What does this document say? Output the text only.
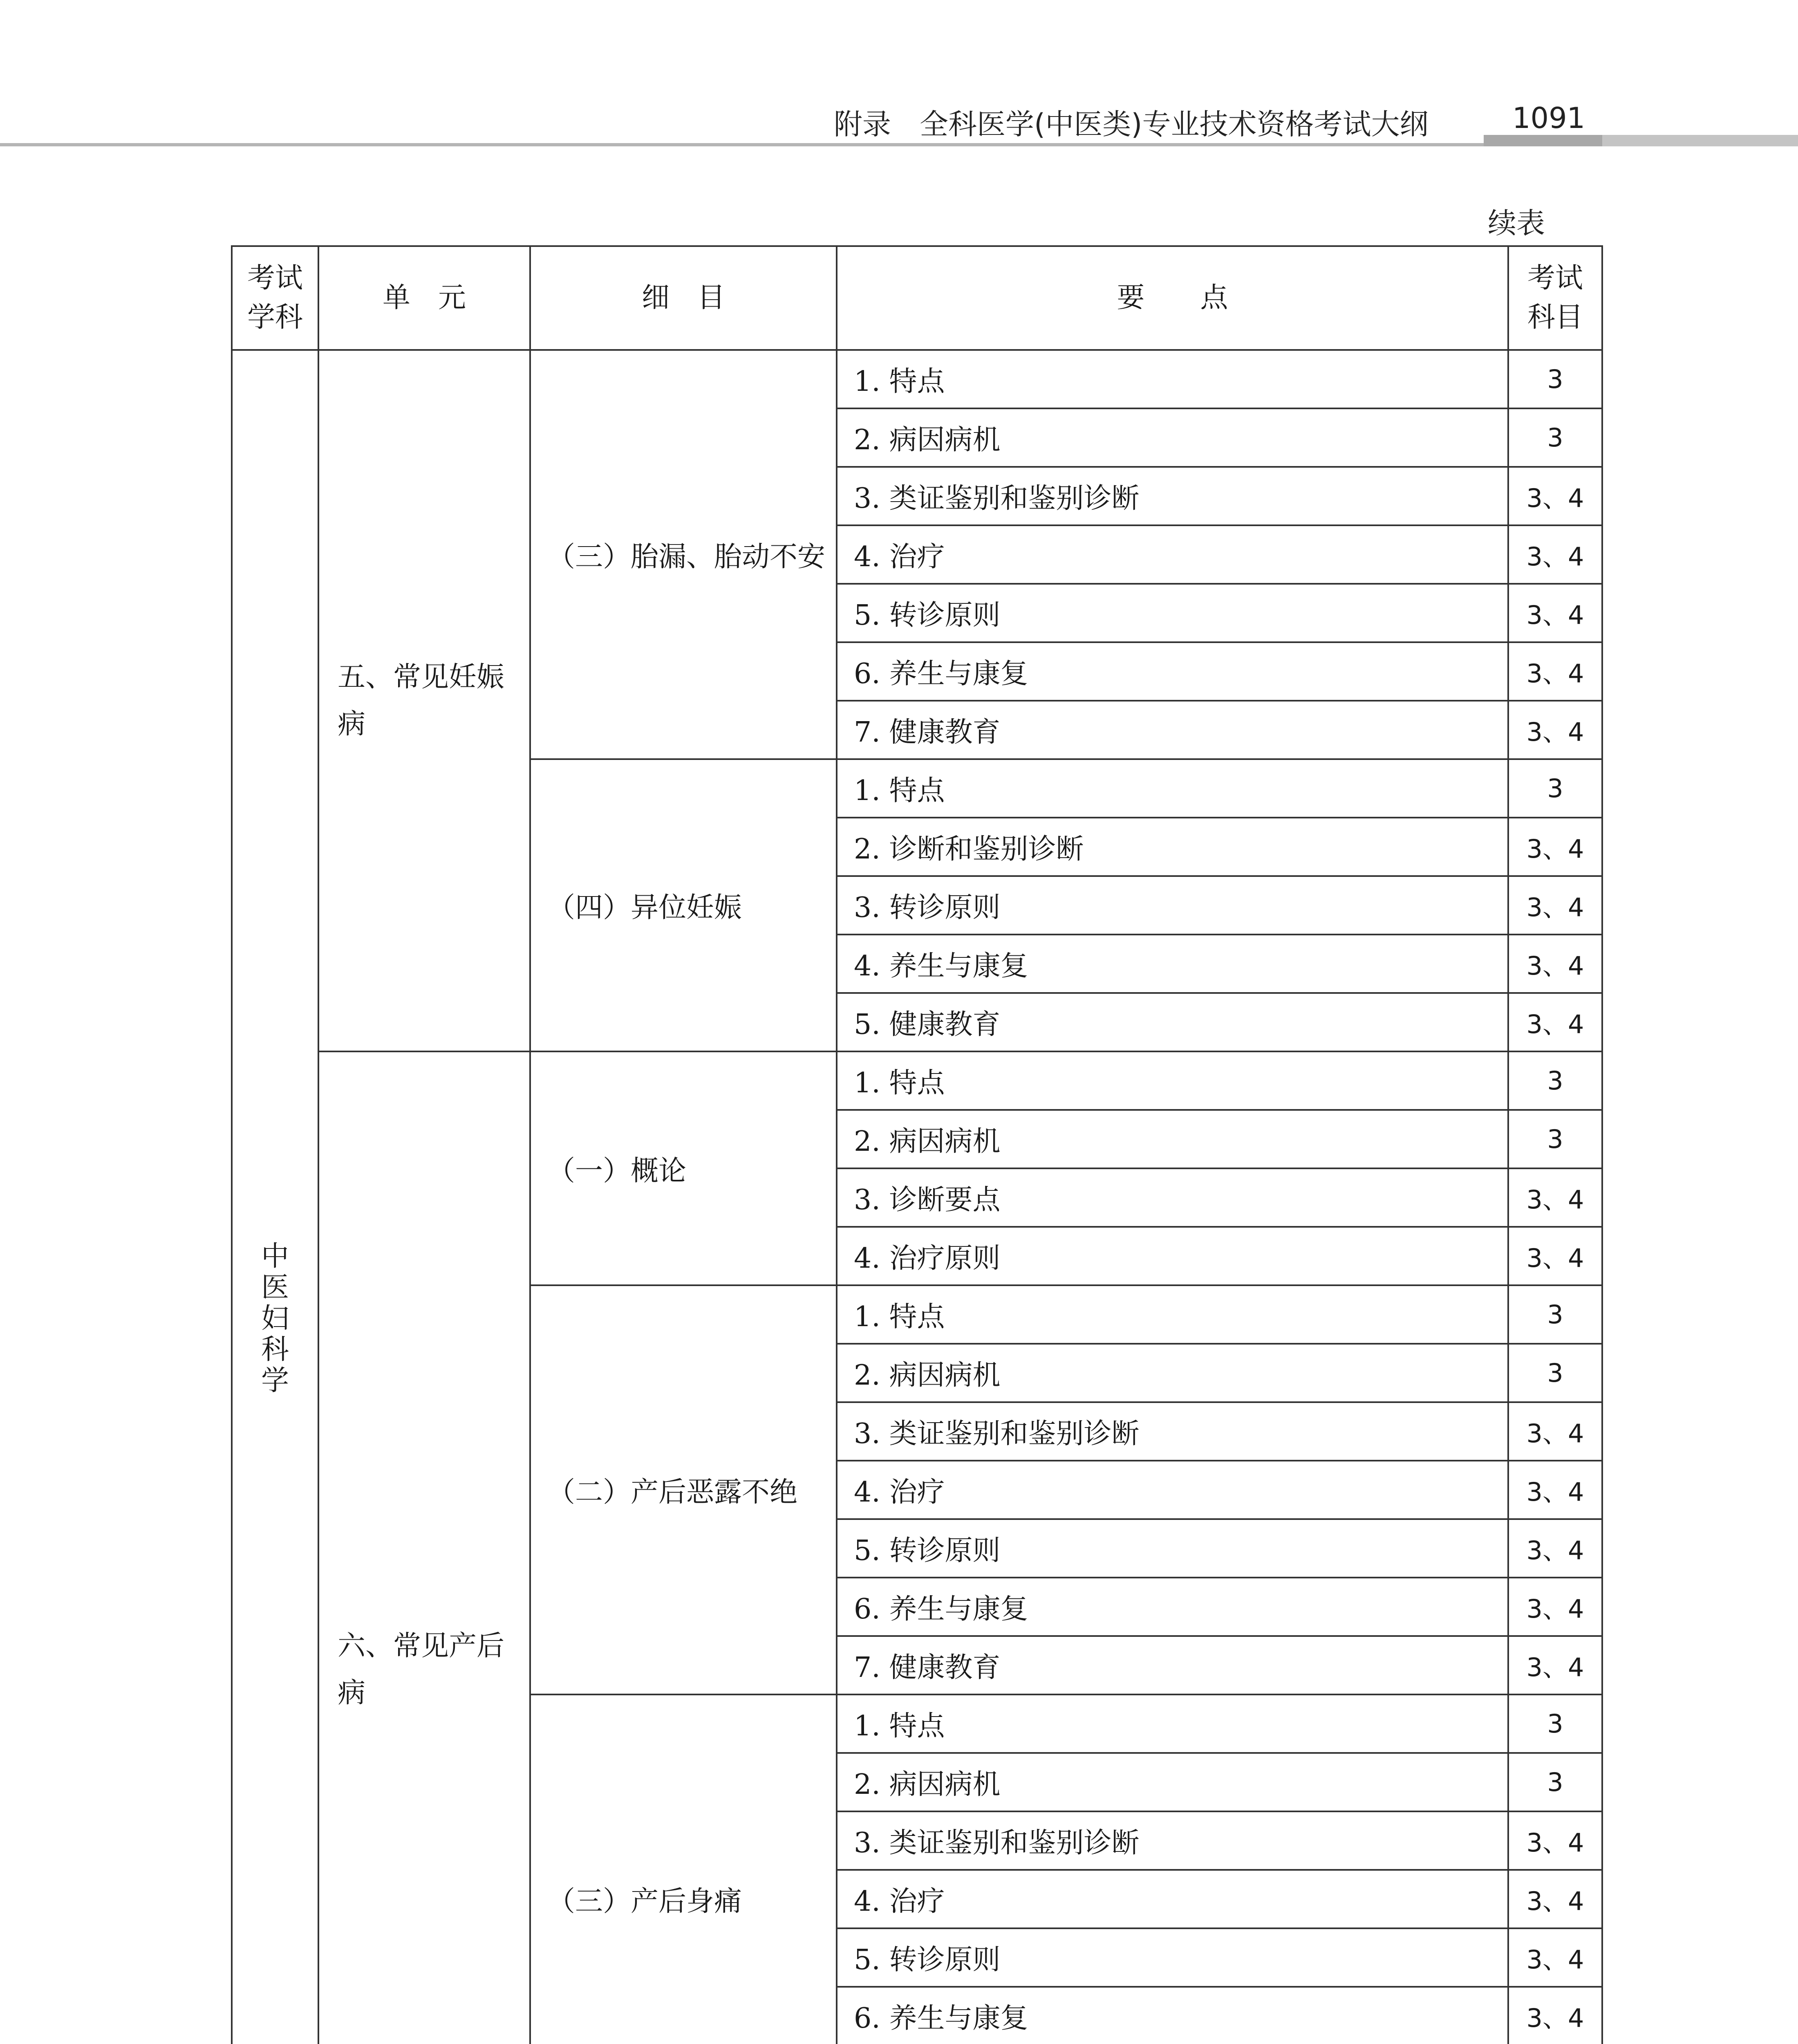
附录　全科医学(中医类)专业技术资格考试大纲	1091
续表
考试学科	单　元	细　目	要　　点	考试科目
中医妇科学	五、常见妊娠病	（三）胎漏、胎动不安	1. 特点	3
			2. 病因病机	3
			3. 类证鉴别和鉴别诊断	3、4
			4. 治疗	3、4
			5. 转诊原则	3、4
			6. 养生与康复	3、4
			7. 健康教育	3、4
		（四）异位妊娠	1. 特点	3
			2. 诊断和鉴别诊断	3、4
			3. 转诊原则	3、4
			4. 养生与康复	3、4
			5. 健康教育	3、4
	六、常见产后病	（一）概论	1. 特点	3
			2. 病因病机	3
			3. 诊断要点	3、4
			4. 治疗原则	3、4
		（二）产后恶露不绝	1. 特点	3
			2. 病因病机	3
			3. 类证鉴别和鉴别诊断	3、4
			4. 治疗	3、4
			5. 转诊原则	3、4
			6. 养生与康复	3、4
			7. 健康教育	3、4
		（三）产后身痛	1. 特点	3
			2. 病因病机	3
			3. 类证鉴别和鉴别诊断	3、4
			4. 治疗	3、4
			5. 转诊原则	3、4
			6. 养生与康复	3、4
